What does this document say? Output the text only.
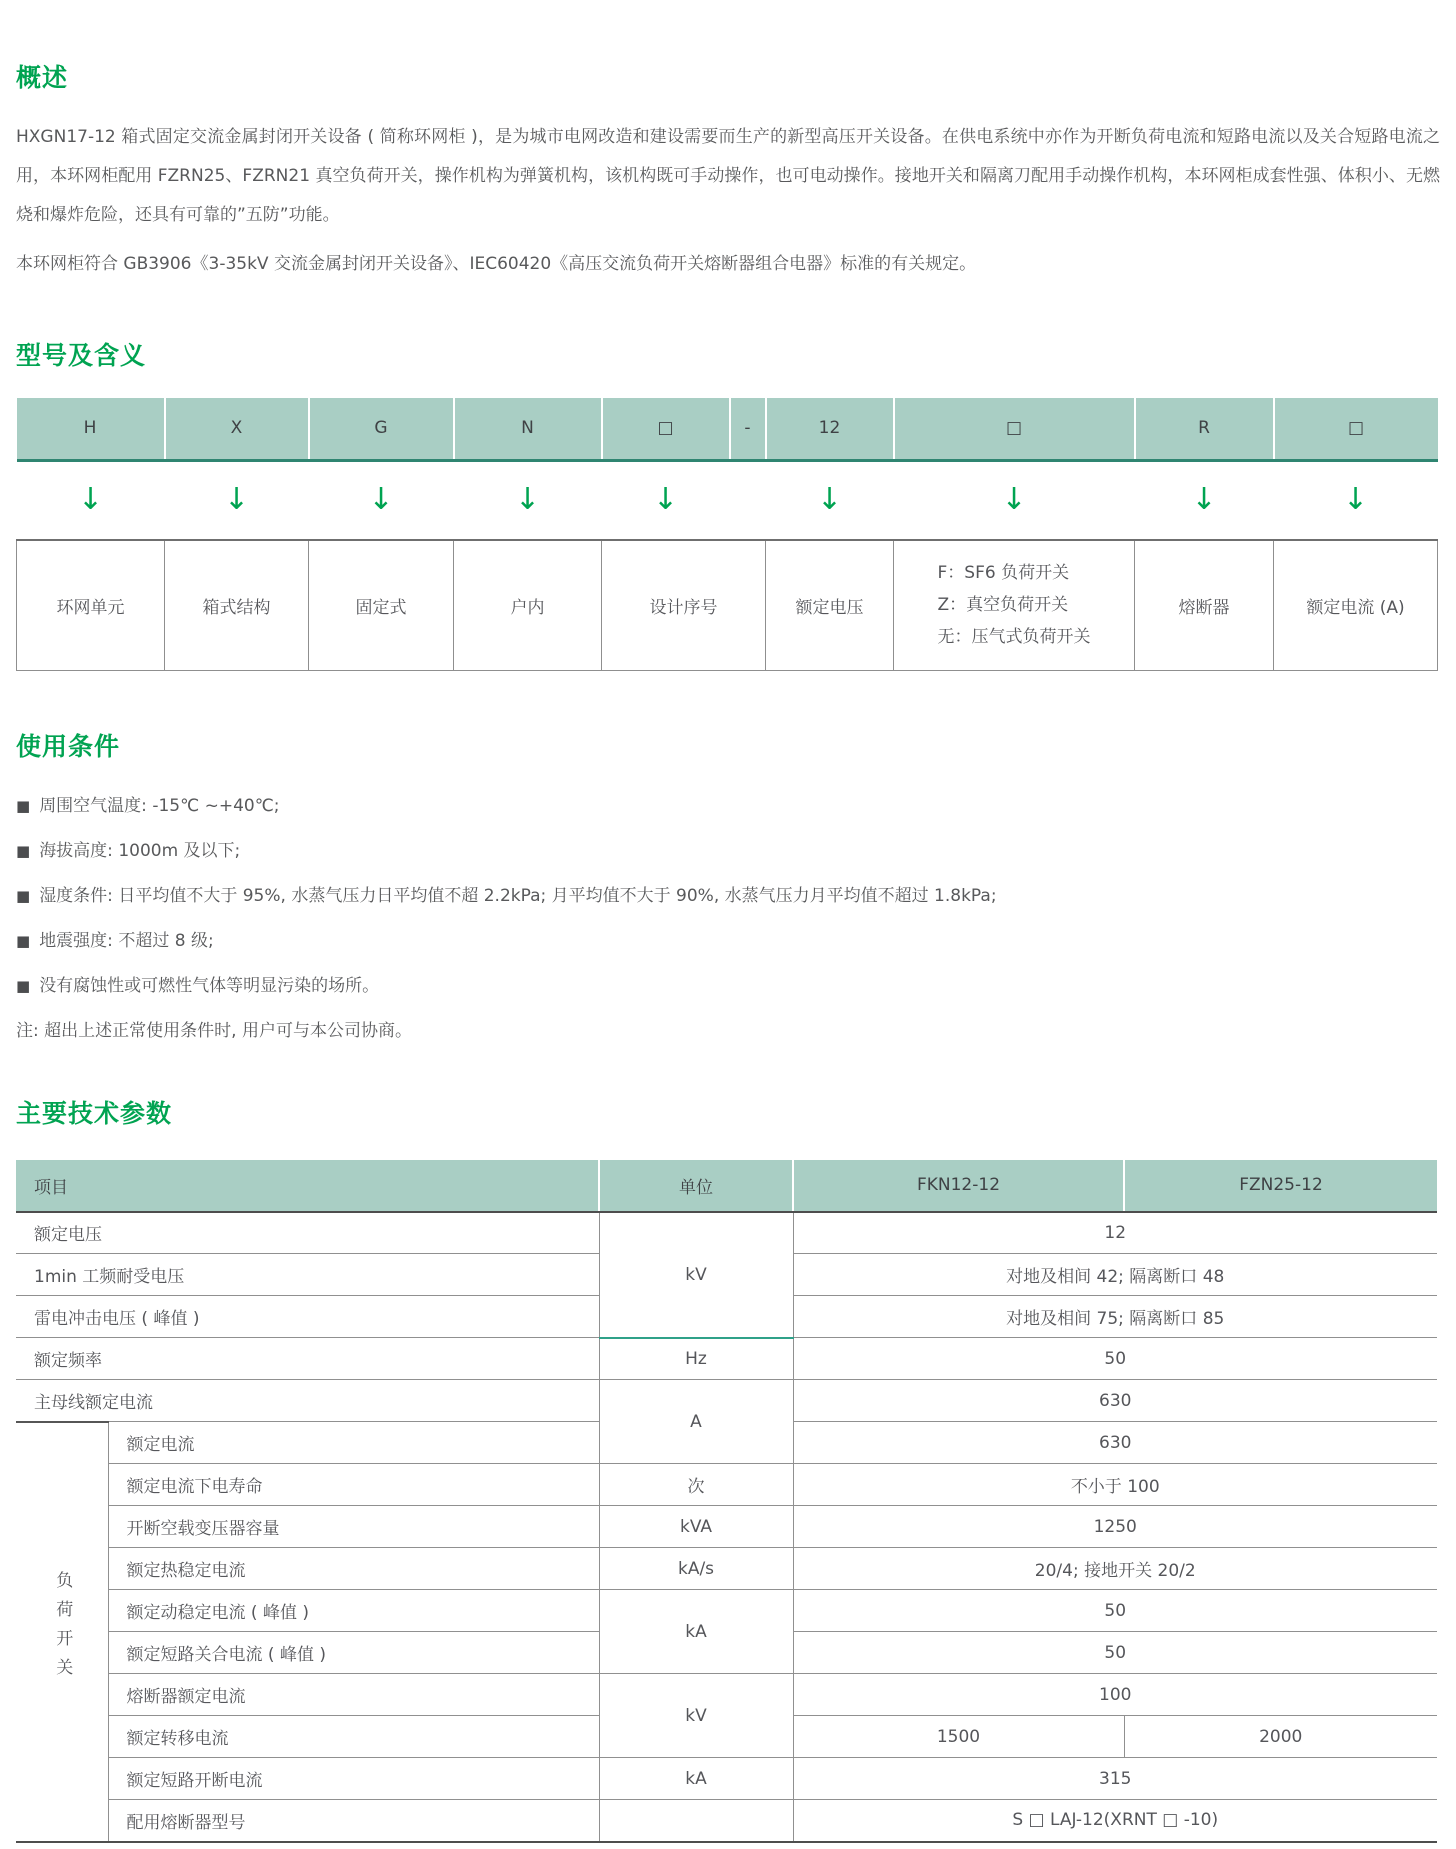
概述

HXGN17-12 箱式固定交流金属封闭开关设备 ( 简称环网柜 )，是为城市电网改造和建设需要而生产的新型高压开关设备。在供电系统中亦作为开断负荷电流和短路电流以及关合短路电流之用，本环网柜配用 FZRN25、FZRN21 真空负荷开关，操作机构为弹簧机构，该机构既可手动操作，也可电动操作。接地开关和隔离刀配用手动操作机构，本环网柜成套性强、体积小、无燃烧和爆炸危险，还具有可靠的”五防”功能。

本环网柜符合 GB3906《3-35kV 交流金属封闭开关设备》、IEC60420《高压交流负荷开关熔断器组合电器》标准的有关规定。

型号及含义
H	X	G	N	□	-	12	□	R	□
↓	↓	↓	↓	↓		↓	↓	↓	↓
环网单元	箱式结构	固定式	户内	设计序号		额定电压	F：SF6 负荷开关
Z：真空负荷开关
无：压气式负荷开关	熔断器	额定电流 (A)
使用条件
■ 周围空气温度: -15℃ ~+40℃;
■ 海拔高度: 1000m 及以下;
■ 湿度条件: 日平均值不大于 95%, 水蒸气压力日平均值不超 2.2kPa; 月平均值不大于 90%, 水蒸气压力月平均值不超过 1.8kPa;
■ 地震强度: 不超过 8 级;
■ 没有腐蚀性或可燃性气体等明显污染的场所。
注: 超出上述正常使用条件时, 用户可与本公司协商。
主要技术参数
项目		单位	FKN12-12	FZN25-12
额定电压		kV	12	
1min 工频耐受电压			对地及相间 42; 隔离断口 48	
雷电冲击电压 ( 峰值 )			对地及相间 75; 隔离断口 85	
额定频率		Hz	50	
主母线额定电流		A	630	
负荷开关	额定电流		630	
	额定电流下电寿命	次	不小于 100	
	开断空载变压器容量	kVA	1250	
	额定热稳定电流	kA/s	20/4; 接地开关 20/2	
	额定动稳定电流 ( 峰值 )	kA	50	
	额定短路关合电流 ( 峰值 )		50	
	熔断器额定电流	kV	100	
	额定转移电流		1500	2000
	额定短路开断电流	kA	315	
	配用熔断器型号		S □ LAJ-12(XRNT □ -10)	
